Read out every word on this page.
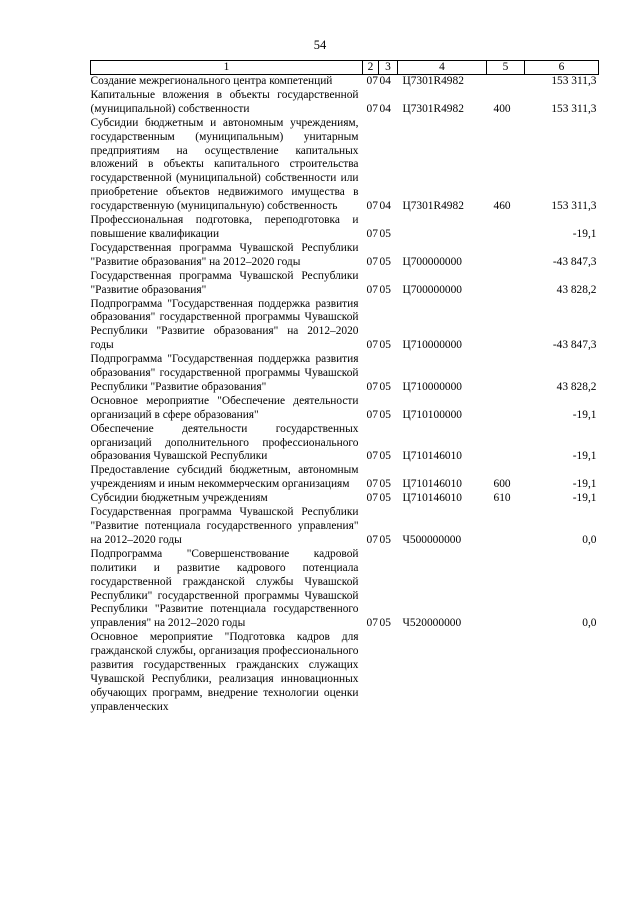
54
1	2	3	4	5	6
Создание межрегионального центра компетенций	07	04	Ц7301R4982		153 311,3
Капитальные вложения в объекты государственной (муниципальной) собственности	07	04	Ц7301R4982	400	153 311,3
Субсидии бюджетным и автономным учреждениям, государственным (муниципальным) унитарным предприятиям на осуществление капитальных вложений в объекты капитального строительства государственной (муниципальной) собственности или приобретение объектов недвижимого имущества в государственную (муниципальную) собственность	07	04	Ц7301R4982	460	153 311,3
Профессиональная подготовка, переподготовка и повышение квалификации	07	05			-19,1
Государственная программа Чувашской Республики "Развитие образования" на 2012–2020 годы	07	05	Ц700000000		-43 847,3
Государственная программа Чувашской Республики "Развитие образования"	07	05	Ц700000000		43 828,2
Подпрограмма "Государственная поддержка развития образования" государственной программы Чувашской Республики "Развитие образования" на 2012–2020 годы	07	05	Ц710000000		-43 847,3
Подпрограмма "Государственная поддержка развития образования" государственной программы Чувашской Республики "Развитие образования"	07	05	Ц710000000		43 828,2
Основное мероприятие "Обеспечение деятельности организаций в сфере образования"	07	05	Ц710100000		-19,1
Обеспечение деятельности государственных организаций дополнительного профессионального образования Чувашской Республики	07	05	Ц710146010		-19,1
Предоставление субсидий бюджетным, автономным учреждениям и иным некоммерческим организациям	07	05	Ц710146010	600	-19,1
Субсидии бюджетным учреждениям	07	05	Ц710146010	610	-19,1
Государственная программа Чувашской Республики "Развитие потенциала государственного управления" на 2012–2020 годы	07	05	Ч500000000		0,0
Подпрограмма "Совершенствование кадровой политики и развитие кадрового потенциала государственной гражданской службы Чувашской Республики" государственной программы Чувашской Республики "Развитие потенциала государственного управления" на 2012–2020 годы	07	05	Ч520000000		0,0
Основное мероприятие "Подготовка кадров для гражданской службы, организация профессионального развития государственных гражданских служащих Чувашской Республики, реализация инновационных обучающих программ, внедрение технологии оценки управленческих					
